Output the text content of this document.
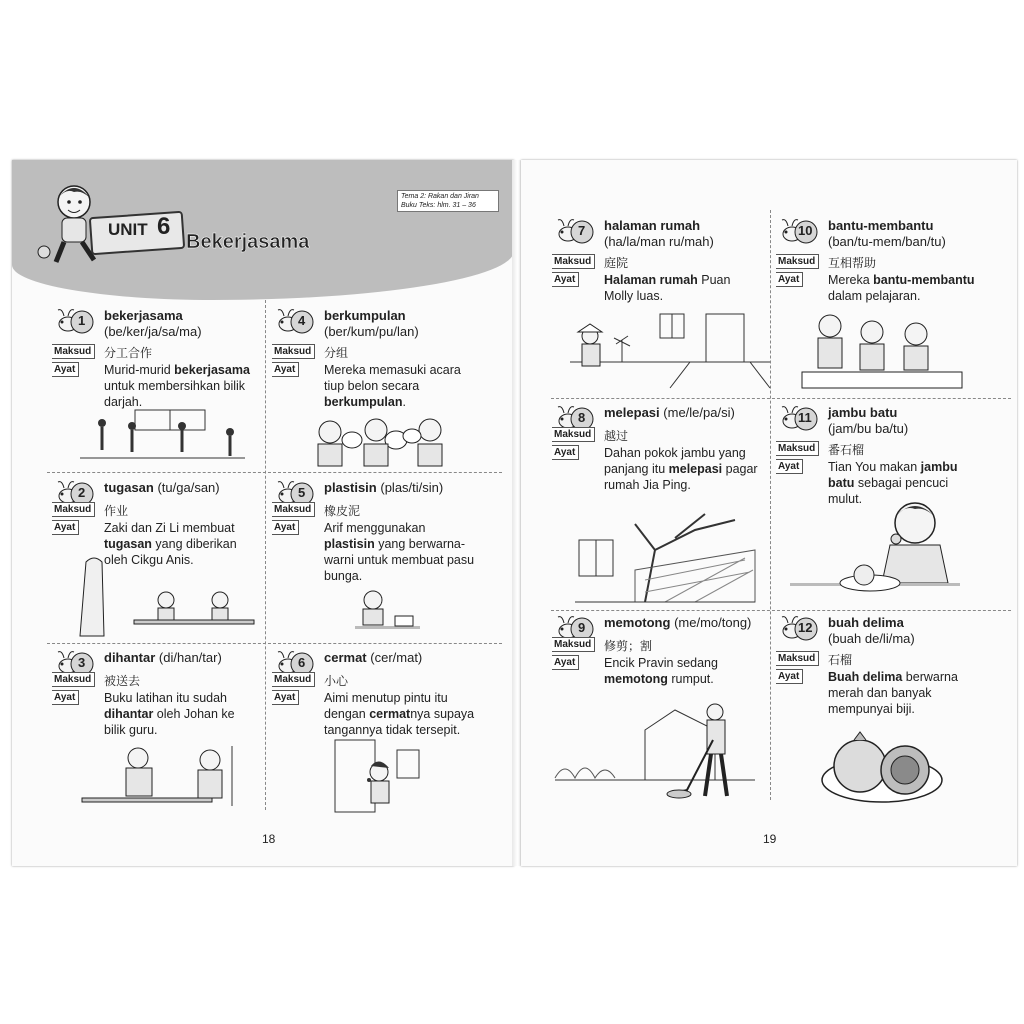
Tema 2: Rakan dan Jiran
Buku Teks: hlm. 31 – 36
UNIT 6
Bekerjasama
18	19
1 bekerjasama
(be/ker/ja/sa/ma)
Maksud	分工合作
Ayat	Murid-murid bekerjasama untuk membersihkan bilik darjah.
2 tugasan (tu/ga/san)
Maksud	作业
Ayat	Zaki dan Zi Li membuat tugasan yang diberikan oleh Cikgu Anis.
3 dihantar (di/han/tar)
Maksud	被送去
Ayat	Buku latihan itu sudah dihantar oleh Johan ke bilik guru.
4 berkumpulan
(ber/kum/pu/lan)
Maksud	分组
Ayat	Mereka memasuki acara tiup belon secara berkumpulan.
5 plastisin (plas/ti/sin)
Maksud	橡皮泥
Ayat	Arif menggunakan plastisin yang berwarna-warni untuk membuat pasu bunga.
6 cermat (cer/mat)
Maksud	小心
Ayat	Aimi menutup pintu itu dengan cermatnya supaya tangannya tidak tersepit.
7 halaman rumah
(ha/la/man ru/mah)
Maksud	庭院
Ayat	Halaman rumah Puan Molly luas.
8 melepasi (me/le/pa/si)
Maksud	越过
Ayat	Dahan pokok jambu yang panjang itu melepasi pagar rumah Jia Ping.
9 memotong (me/mo/tong)
Maksud	修剪；割
Ayat	Encik Pravin sedang memotong rumput.
10 bantu-membantu
(ban/tu-mem/ban/tu)
Maksud	互相帮助
Ayat	Mereka bantu-membantu dalam pelajaran.
11 jambu batu
(jam/bu ba/tu)
Maksud	番石榴
Ayat	Tian You makan jambu batu sebagai pencuci mulut.
12 buah delima
(buah de/li/ma)
Maksud	石榴
Ayat	Buah delima berwarna merah dan banyak mempunyai biji.
